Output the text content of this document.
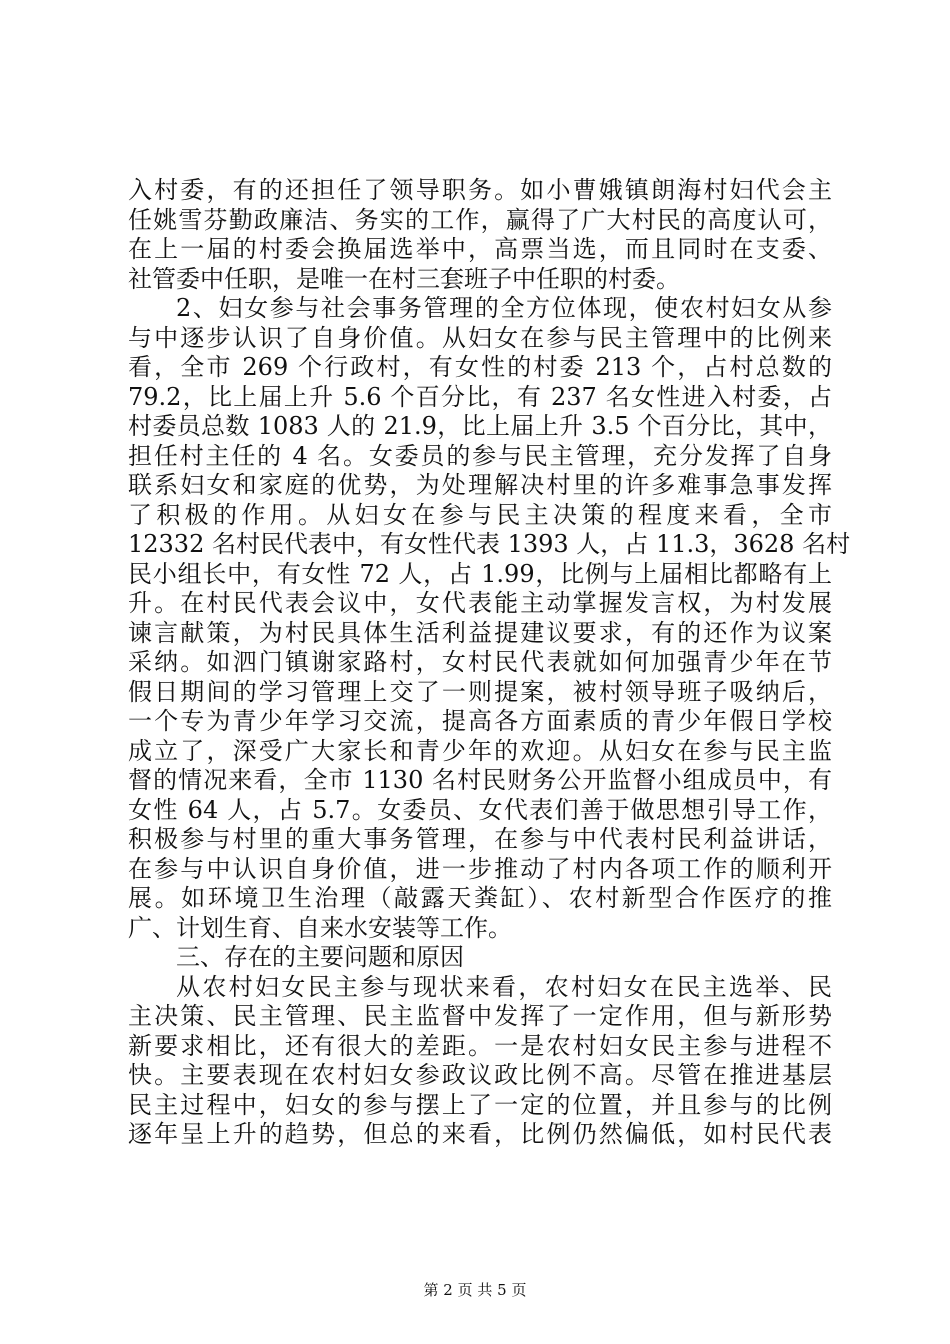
入村委，有的还担任了领导职务。如小曹娥镇朗海村妇代会主
任姚雪芬勤政廉洁、务实的工作，赢得了广大村民的高度认可，
在上一届的村委会换届选举中，高票当选，而且同时在支委、
社管委中任职，是唯一在村三套班子中任职的村委。
2、妇女参与社会事务管理的全方位体现，使农村妇女从参
与中逐步认识了自身价值。从妇女在参与民主管理中的比例来
看，全市 269 个行政村，有女性的村委 213 个，占村总数的
79.2，比上届上升 5.6 个百分比，有 237 名女性进入村委，占
村委员总数 1083 人的 21.9，比上届上升 3.5 个百分比，其中，
担任村主任的 4 名。女委员的参与民主管理，充分发挥了自身
联系妇女和家庭的优势，为处理解决村里的许多难事急事发挥
了积极的作用。从妇女在参与民主决策的程度来看，全市
12332 名村民代表中，有女性代表 1393 人，占 11.3，3628 名村
民小组长中，有女性 72 人，占 1.99，比例与上届相比都略有上
升。在村民代表会议中，女代表能主动掌握发言权，为村发展
谏言献策，为村民具体生活利益提建议要求，有的还作为议案
采纳。如泗门镇谢家路村，女村民代表就如何加强青少年在节
假日期间的学习管理上交了一则提案，被村领导班子吸纳后，
一个专为青少年学习交流，提高各方面素质的青少年假日学校
成立了，深受广大家长和青少年的欢迎。从妇女在参与民主监
督的情况来看，全市 1130 名村民财务公开监督小组成员中，有
女性 64 人，占 5.7。女委员、女代表们善于做思想引导工作，
积极参与村里的重大事务管理，在参与中代表村民利益讲话，
在参与中认识自身价值，进一步推动了村内各项工作的顺利开
展。如环境卫生治理（敲露天粪缸）、农村新型合作医疗的推
广、计划生育、自来水安装等工作。
三、存在的主要问题和原因
从农村妇女民主参与现状来看，农村妇女在民主选举、民
主决策、民主管理、民主监督中发挥了一定作用，但与新形势
新要求相比，还有很大的差距。一是农村妇女民主参与进程不
快。主要表现在农村妇女参政议政比例不高。尽管在推进基层
民主过程中，妇女的参与摆上了一定的位置，并且参与的比例
逐年呈上升的趋势，但总的来看，比例仍然偏低，如村民代表
第 2 页 共 5 页
